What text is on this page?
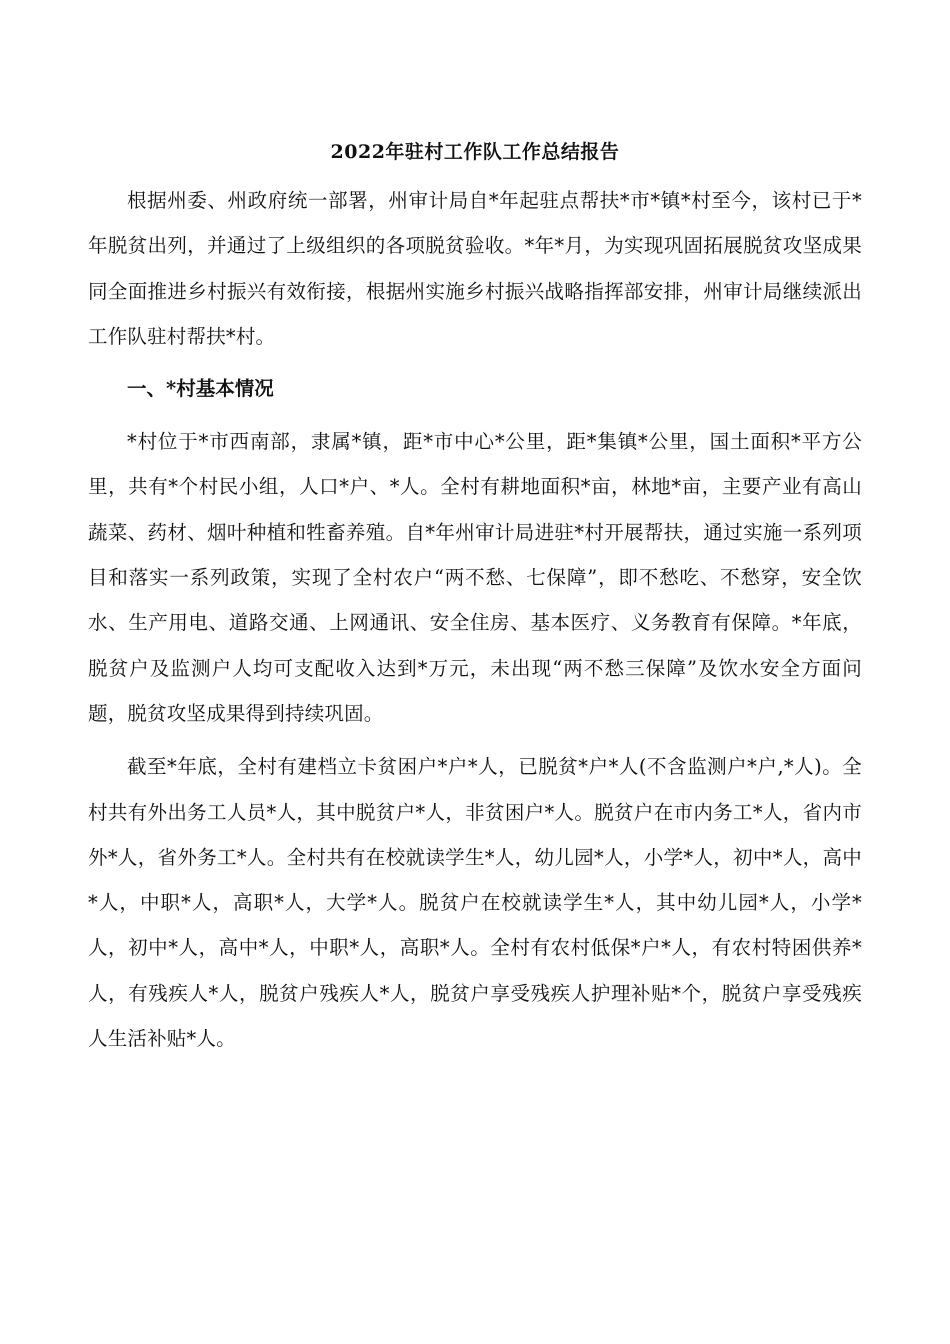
2022年驻村工作队工作总结报告

根据州委、州政府统一部署，州审计局自*年起驻点帮扶*市*镇*村至今，该村已于*年脱贫出列，并通过了上级组织的各项脱贫验收。*年*月，为实现巩固拓展脱贫攻坚成果同全面推进乡村振兴有效衔接，根据州实施乡村振兴战略指挥部安排，州审计局继续派出工作队驻村帮扶*村。

一、*村基本情况

*村位于*市西南部，隶属*镇，距*市中心*公里，距*集镇*公里，国土面积*平方公里，共有*个村民小组，人口*户、*人。全村有耕地面积*亩，林地*亩，主要产业有高山蔬菜、药材、烟叶种植和牲畜养殖。自*年州审计局进驻*村开展帮扶，通过实施一系列项目和落实一系列政策，实现了全村农户“两不愁、七保障”，即不愁吃、不愁穿，安全饮水、生产用电、道路交通、上网通讯、安全住房、基本医疗、义务教育有保障。*年底，脱贫户及监测户人均可支配收入达到*万元，未出现“两不愁三保障”及饮水安全方面问题，脱贫攻坚成果得到持续巩固。

截至*年底，全村有建档立卡贫困户*户*人，已脱贫*户*人(不含监测户*户,*人)。全村共有外出务工人员*人，其中脱贫户*人，非贫困户*人。脱贫户在市内务工*人，省内市外*人，省外务工*人。全村共有在校就读学生*人，幼儿园*人，小学*人，初中*人，高中*人，中职*人，高职*人，大学*人。脱贫户在校就读学生*人，其中幼儿园*人，小学*人，初中*人，高中*人，中职*人，高职*人。全村有农村低保*户*人，有农村特困供养*人，有残疾人*人，脱贫户残疾人*人，脱贫户享受残疾人护理补贴*个，脱贫户享受残疾人生活补贴*人。
